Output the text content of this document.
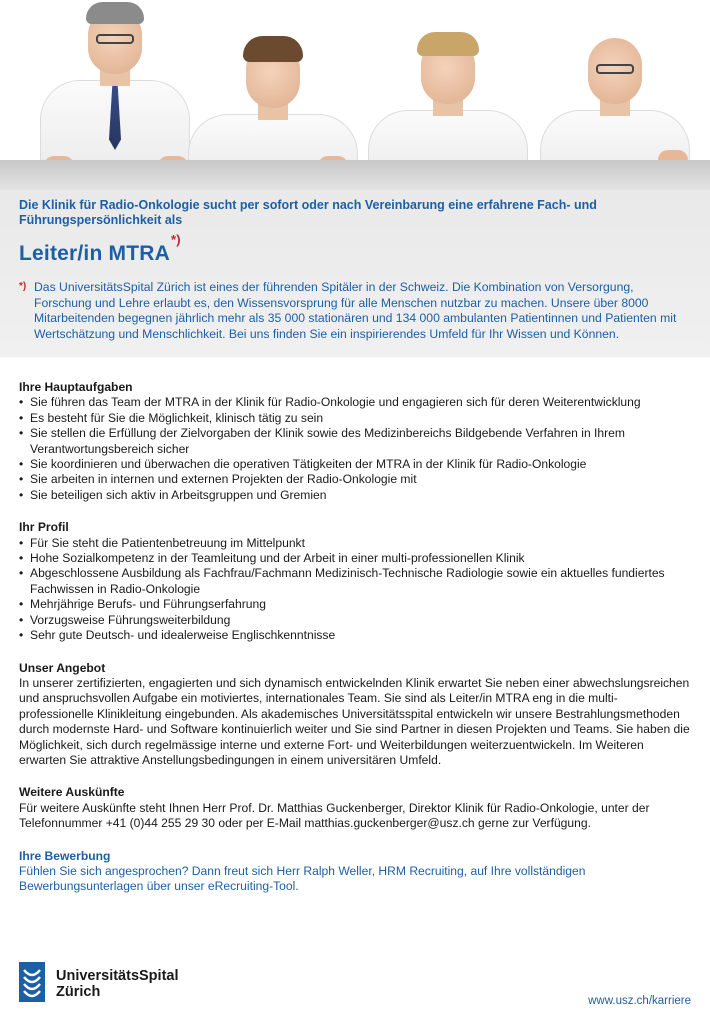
Die Klinik für Radio-Onkologie sucht per sofort oder nach Vereinbarung eine erfahrene Fach- und Führungspersönlichkeit als

Leiter/in MTRA*)
*) Das UniversitätsSpital Zürich ist eines der führenden Spitäler in der Schweiz. Die Kombination von Versorgung, Forschung und Lehre erlaubt es, den Wissensvorsprung für alle Menschen nutzbar zu machen. Unsere über 8000 Mitarbeitenden begegnen jährlich mehr als 35 000 stationären und 134 000 ambulanten Patientinnen und Patienten mit Wertschätzung und Menschlichkeit. Bei uns finden Sie ein inspirierendes Umfeld für Ihr Wissen und Können.

Ihre Hauptaufgaben
• Sie führen das Team der MTRA in der Klinik für Radio-Onkologie und engagieren sich für deren Weiterentwicklung
• Es besteht für Sie die Möglichkeit, klinisch tätig zu sein
• Sie stellen die Erfüllung der Zielvorgaben der Klinik sowie des Medizinbereichs Bildgebende Verfahren in Ihrem Verantwortungsbereich sicher
• Sie koordinieren und überwachen die operativen Tätigkeiten der MTRA in der Klinik für Radio-Onkologie
• Sie arbeiten in internen und externen Projekten der Radio-Onkologie mit
• Sie beteiligen sich aktiv in Arbeitsgruppen und Gremien
Ihr Profil
• Für Sie steht die Patientenbetreuung im Mittelpunkt
• Hohe Sozialkompetenz in der Teamleitung und der Arbeit in einer multi-professionellen Klinik
• Abgeschlossene Ausbildung als Fachfrau/Fachmann Medizinisch-Technische Radiologie sowie ein aktuelles fundiertes Fachwissen in Radio-Onkologie
• Mehrjährige Berufs- und Führungserfahrung
• Vorzugsweise Führungsweiterbildung
• Sehr gute Deutsch- und idealerweise Englischkenntnisse
Unser Angebot

In unserer zertifizierten, engagierten und sich dynamisch entwickelnden Klinik erwartet Sie neben einer abwechslungsreichen und anspruchsvollen Aufgabe ein motiviertes, internationales Team. Sie sind als Leiter/in MTRA eng in die multi-professionelle Klinikleitung eingebunden. Als akademisches Universitätsspital entwickeln wir unsere Bestrahlungsmethoden durch modernste Hard- und Software kontinuierlich weiter und Sie sind Partner in diesen Projekten und Teams. Sie haben die Möglichkeit, sich durch regelmässige interne und externe Fort- und Weiterbildungen weiterzuentwickeln. Im Weiteren erwarten Sie attraktive Anstellungsbedingungen in einem universitären Umfeld.

Weitere Auskünfte

Für weitere Auskünfte steht Ihnen Herr Prof. Dr. Matthias Guckenberger, Direktor Klinik für Radio-Onkologie, unter der Telefonnummer +41 (0)44 255 29 30 oder per E-Mail matthias.guckenberger@usz.ch gerne zur Verfügung.

Ihre Bewerbung

Fühlen Sie sich angesprochen? Dann freut sich Herr Ralph Weller, HRM Recruiting, auf Ihre vollständigen Bewerbungsunterlagen über unser eRecruiting-Tool.

UniversitätsSpital
Zürich
www.usz.ch/karriere
